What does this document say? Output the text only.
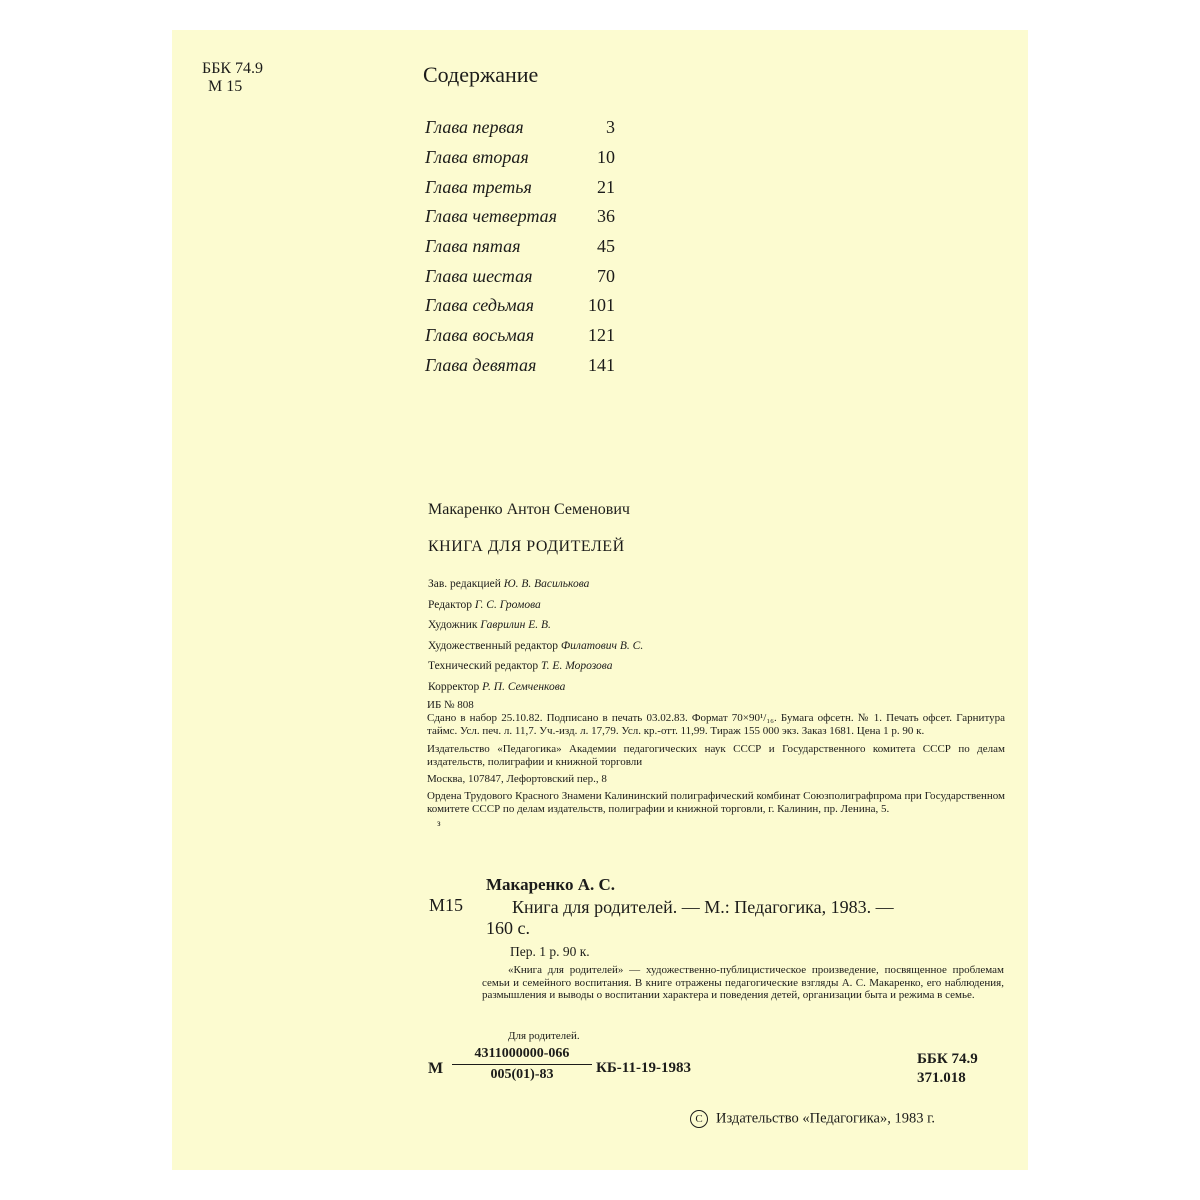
ББК 74.9
М 15	Содержание
Глава первая	3
Глава вторая	10
Глава третья	21
Глава четвертая 36
Глава пятая	45
Глава шестая	70
Глава седьмая	101
Глава восьмая	121
Глава девятая	141
Макаренко Антон Семенович
КНИГА ДЛЯ РОДИТЕЛЕЙ
Зав. редакцией Ю. В. Василькова
Редактор Г. С. Громова
Художник Гаврилин Е. В.
Художественный редактор Филатович В. С.
Технический редактор Т. Е. Морозова
Корректор Р. П. Семченкова

ИБ № 808

Сдано в набор 25.10.82. Подписано в печать 03.02.83. Формат 70×90¹/₁₆. Бумага офсетн. № 1. Печать офсет. Гарнитура таймс. Усл. печ. л. 11,7. Уч.-изд. л. 17,79. Усл. кр.-отт. 11,99. Тираж 155 000 экз. Заказ 1681. Цена 1 р. 90 к.

Издательство «Педагогика» Академии педагогических наук СССР и Государственного комитета СССР по делам издательств, полиграфии и книжной торговли

Москва, 107847, Лефортовский пер., 8

Ордена Трудового Красного Знамени Калининский полиграфический комбинат Союзполиграфпрома при Государственном комитете СССР по делам издательств, полиграфии и книжной торговли, г. Калинин, пр. Ленина, 5.

з
М15
Макаренко А. С.
Книга для родителей. — М.: Педагогика, 1983. —
160 с.
Пер. 1 р. 90 к.
«Книга для родителей» — художественно-публицистическое произведение, посвященное проблемам семьи и семейного воспитания. В книге отражены педагогические взгляды А. С. Макаренко, его наблюдения, размышления и выводы о воспитании характера и поведения детей, организации быта и режима в семье.
Для родителей.
М $\frac{4311000000-066}{005(01)-83} КБ-11-19-1983$
ББК 74.9
371.018
C Издательство «Педагогика», 1983 г.
